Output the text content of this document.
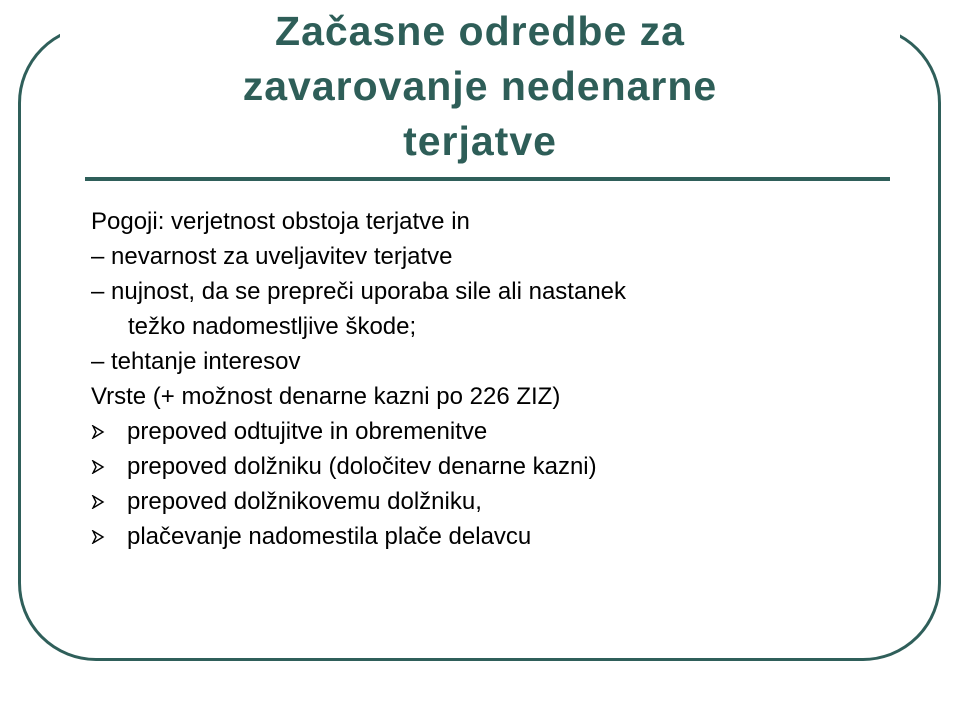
Začasne odredbe za
zavarovanje nedenarne
terjatve
Pogoji: verjetnost obstoja terjatve in
– nevarnost za uveljavitev terjatve
– nujnost, da se prepreči uporaba sile ali nastanek
težko nadomestljive škode;
– tehtanje interesov
Vrste (+ možnost denarne kazni po 226 ZIZ)
prepoved odtujitve in obremenitve
prepoved dolžniku (določitev denarne kazni)
prepoved dolžnikovemu dolžniku,
plačevanje nadomestila plače delavcu
